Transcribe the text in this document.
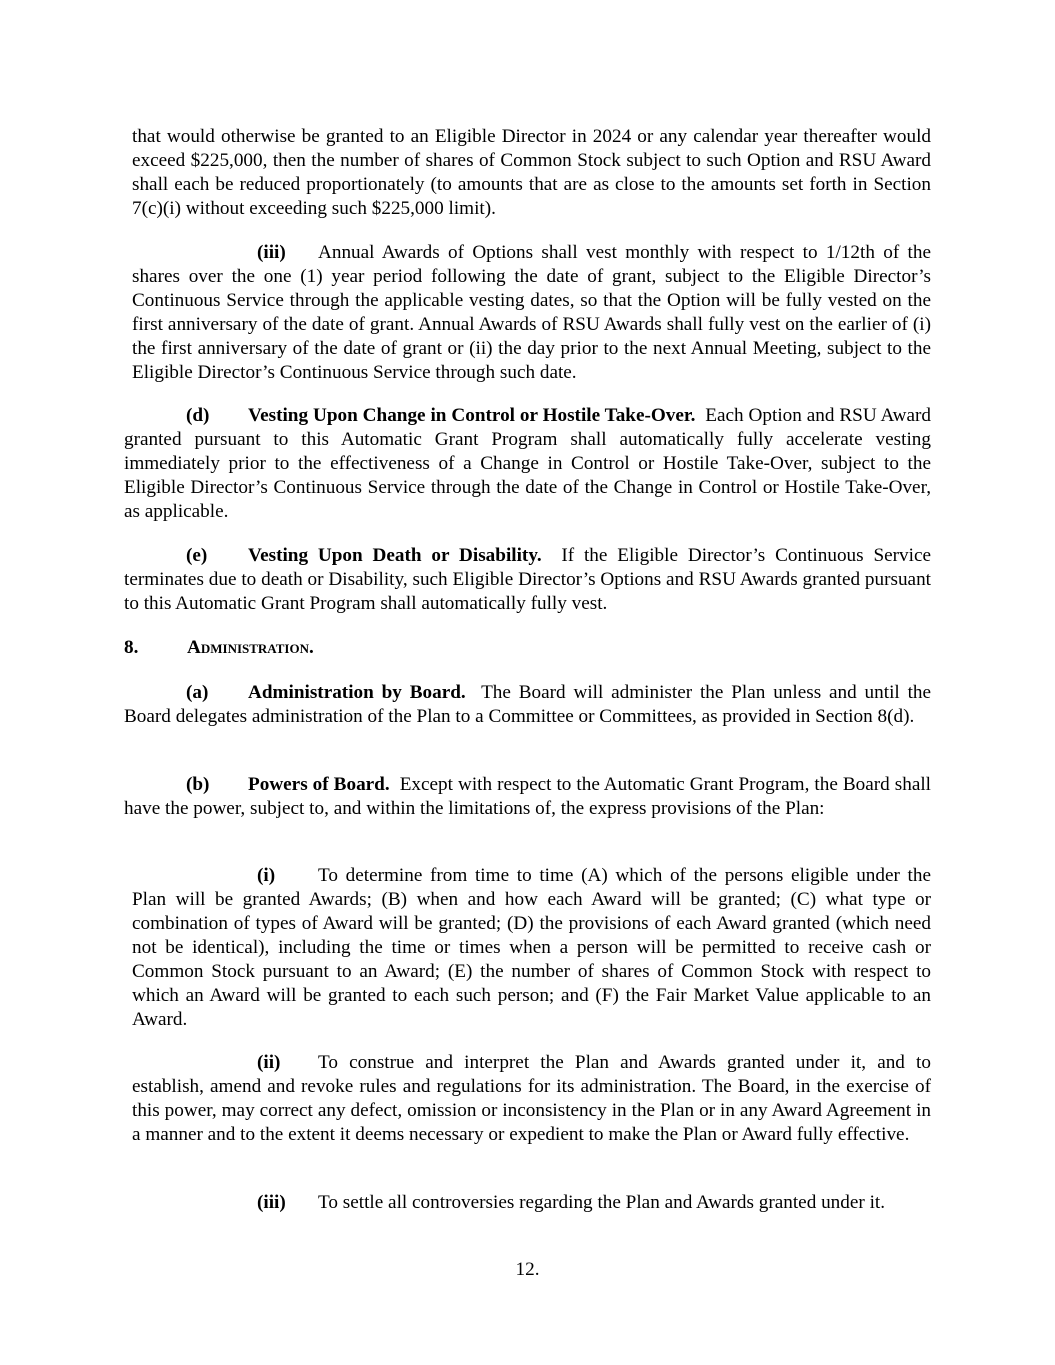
that would otherwise be granted to an Eligible Director in 2024 or any calendar year thereafter would exceed $225,000, then the number of shares of Common Stock subject to such Option and RSU Award shall each be reduced proportionately (to amounts that are as close to the amounts set forth in Section 7(c)(i) without exceeding such $225,000 limit).

(iii) Annual Awards of Options shall vest monthly with respect to 1/12th of the shares over the one (1) year period following the date of grant, subject to the Eligible Director’s Continuous Service through the applicable vesting dates, so that the Option will be fully vested on the first anniversary of the date of grant. Annual Awards of RSU Awards shall fully vest on the earlier of (i) the first anniversary of the date of grant or (ii) the day prior to the next Annual Meeting, subject to the Eligible Director’s Continuous Service through such date.

(d) Vesting Upon Change in Control or Hostile Take-Over. Each Option and RSU Award granted pursuant to this Automatic Grant Program shall automatically fully accelerate vesting immediately prior to the effectiveness of a Change in Control or Hostile Take-Over, subject to the Eligible Director’s Continuous Service through the date of the Change in Control or Hostile Take-Over, as applicable.

(e) Vesting Upon Death or Disability. If the Eligible Director’s Continuous Service terminates due to death or Disability, such Eligible Director’s Options and RSU Awards granted pursuant to this Automatic Grant Program shall automatically fully vest.

8.	Administration.

(a) Administration by Board. The Board will administer the Plan unless and until the Board delegates administration of the Plan to a Committee or Committees, as provided in Section 8(d).

(b) Powers of Board. Except with respect to the Automatic Grant Program, the Board shall have the power, subject to, and within the limitations of, the express provisions of the Plan:

(i) To determine from time to time (A) which of the persons eligible under the Plan will be granted Awards; (B) when and how each Award will be granted; (C) what type or combination of types of Award will be granted; (D) the provisions of each Award granted (which need not be identical), including the time or times when a person will be permitted to receive cash or Common Stock pursuant to an Award; (E) the number of shares of Common Stock with respect to which an Award will be granted to each such person; and (F) the Fair Market Value applicable to an Award.

(ii) To construe and interpret the Plan and Awards granted under it, and to establish, amend and revoke rules and regulations for its administration. The Board, in the exercise of this power, may correct any defect, omission or inconsistency in the Plan or in any Award Agreement in a manner and to the extent it deems necessary or expedient to make the Plan or Award fully effective.

(iii) To settle all controversies regarding the Plan and Awards granted under it.

12.
